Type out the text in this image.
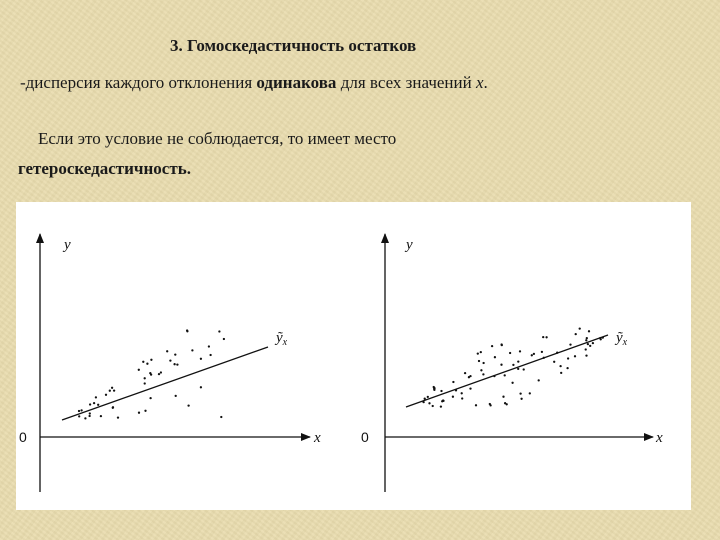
3. Гомоскедастичность остатков
-дисперсия каждого отклонения одинакова для всех значений x.
Если это условие не соблюдается, то имеет место
гетероскедастичность.
y
x
0
ỹ$_x$
y
x
0
ỹ$_x$
